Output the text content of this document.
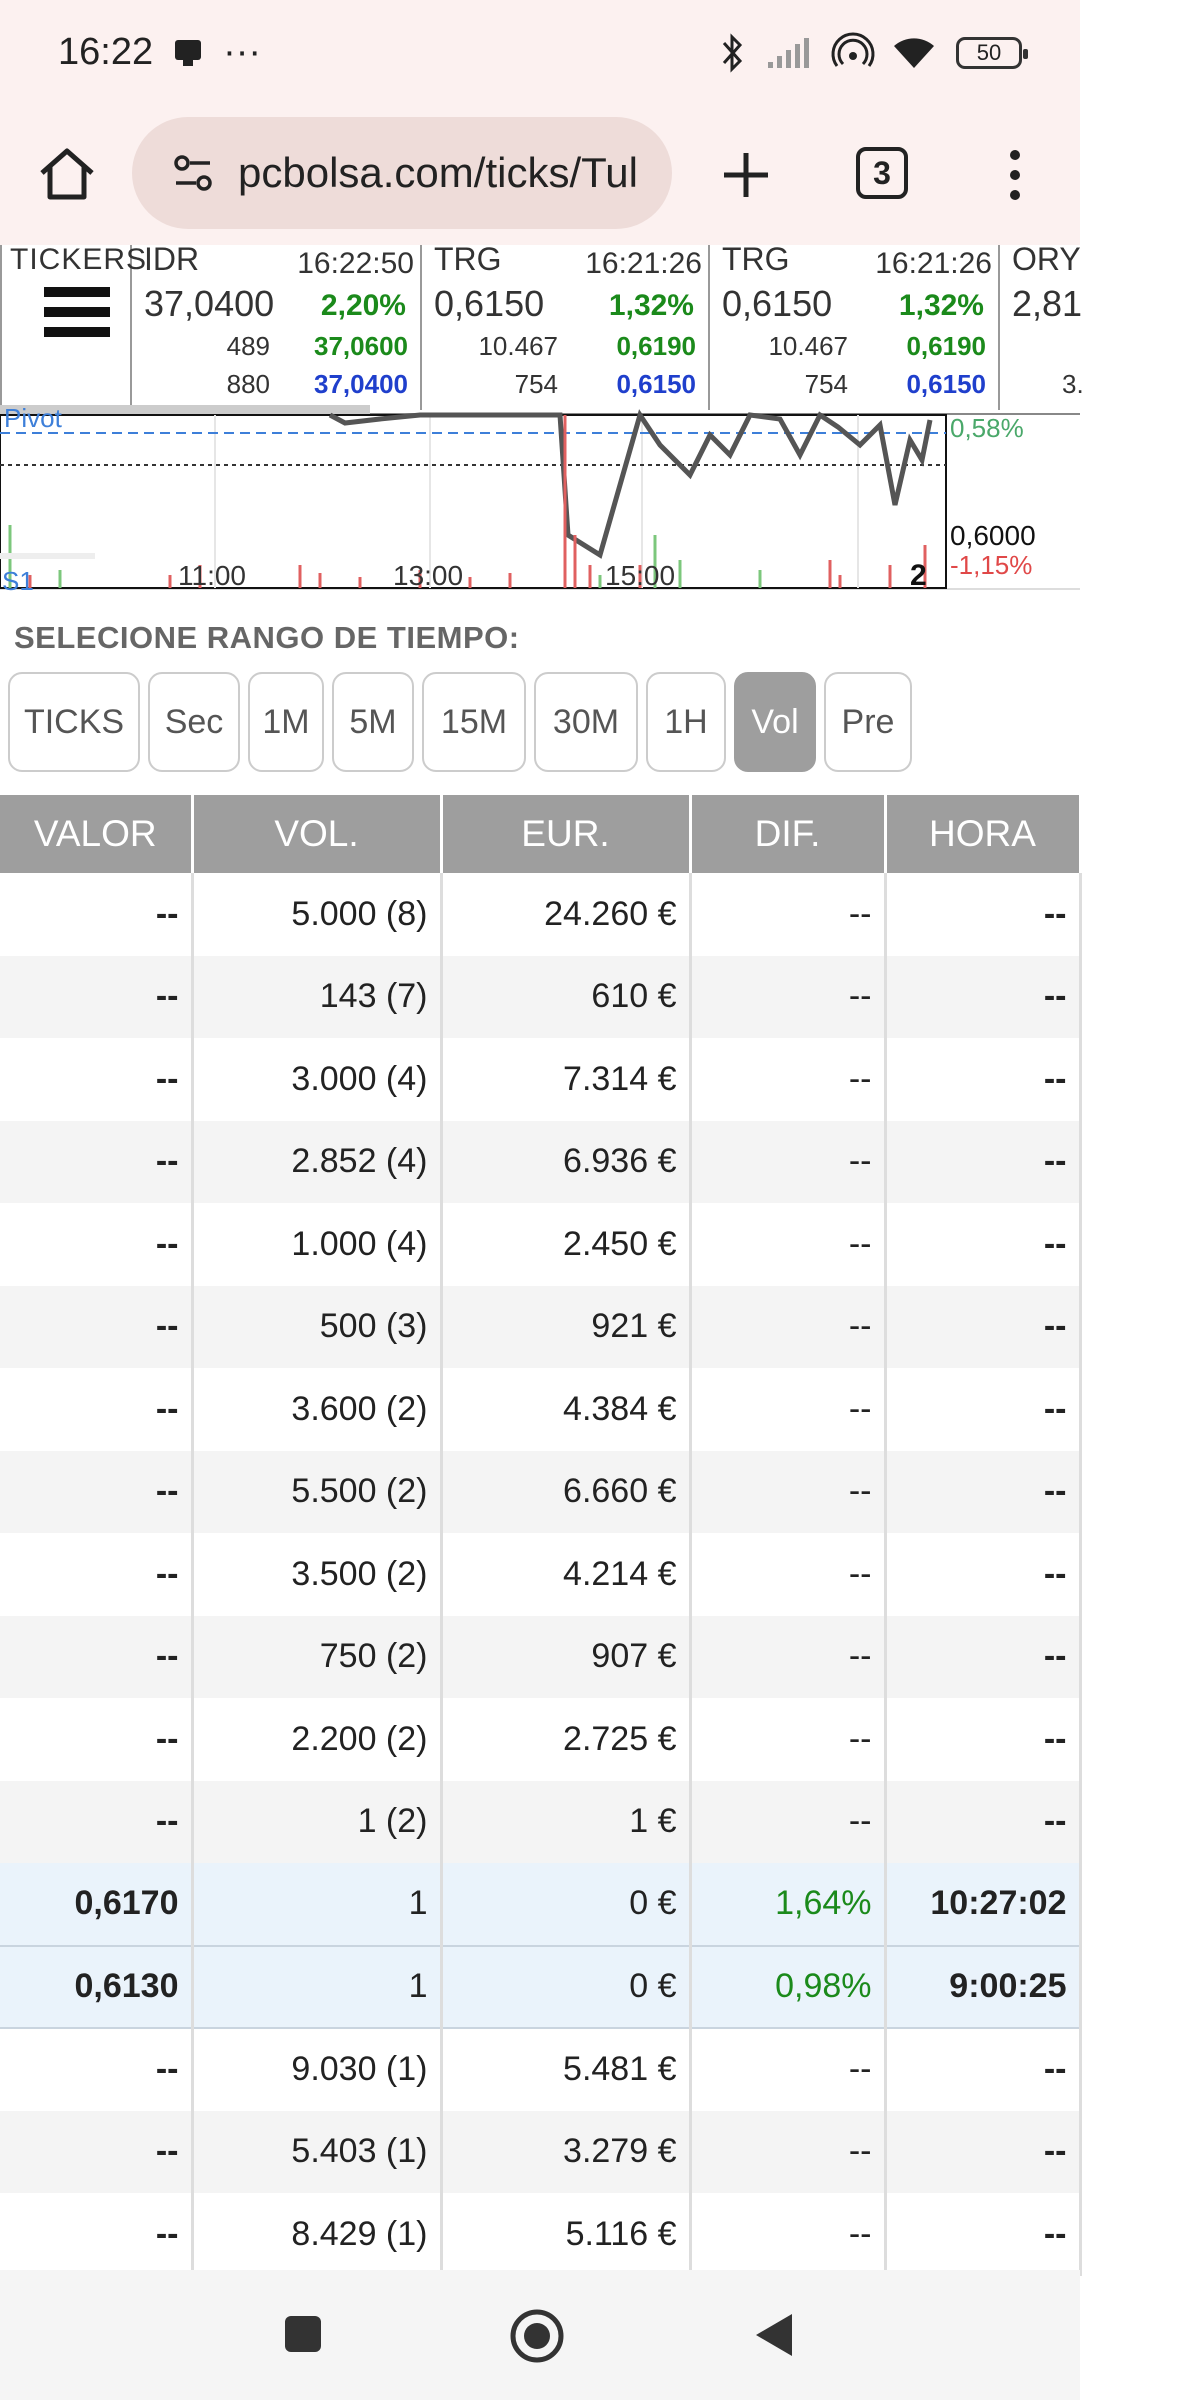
16:22 ···	50
pcbolsa.com/ticks/Tul	3
TICKERS
IDR	16:22:50
37,0400 2,20%
489 37,0600
880 37,0400
TRG	16:21:26
0,6150 1,32%
10.467 0,6190
754 0,6150
TRG	16:21:26
0,6150 1,32%
10.467 0,6190
754 0,6150
ORY
2,81
3.
Pivot
S1	11:00	13:00	15:00	2
0,58%
0,6000
-1,15%
SELECIONE RANGO DE TIEMPO:
TICKS	Sec	1M	5M	15M	30M	1H	Vol	Pre
VALOR	VOL.	EUR.	DIF.	HORA
--	5.000 (8)	24.260 €	--	--
--	143 (7)	610 €	--	--
--	3.000 (4)	7.314 €	--	--
--	2.852 (4)	6.936 €	--	--
--	1.000 (4)	2.450 €	--	--
--	500 (3)	921 €	--	--
--	3.600 (2)	4.384 €	--	--
--	5.500 (2)	6.660 €	--	--
--	3.500 (2)	4.214 €	--	--
--	750 (2)	907 €	--	--
--	2.200 (2)	2.725 €	--	--
--	1 (2)	1 €	--	--
0,6170	1	0 €	1,64%	10:27:02
0,6130	1	0 €	0,98%	9:00:25
--	9.030 (1)	5.481 €	--	--
--	5.403 (1)	3.279 €	--	--
--	8.429 (1)	5.116 €	--	--
